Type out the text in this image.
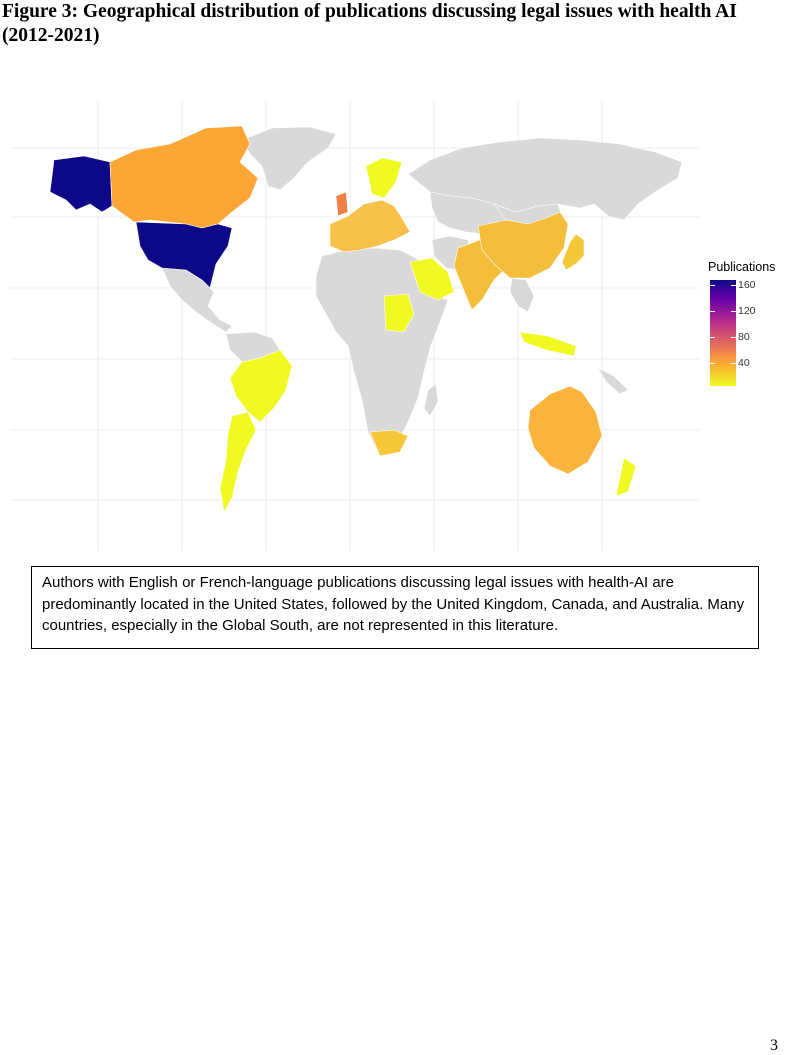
Figure 3: Geographical distribution of publications discussing legal issues with health AI (2012-2021)
Publications
160
120
80
40
Authors with English or French-language publications discussing legal issues with health-AI are predominantly located in the United States, followed by the United Kingdom, Canada, and Australia. Many countries, especially in the Global South, are not represented in this literature.
3
